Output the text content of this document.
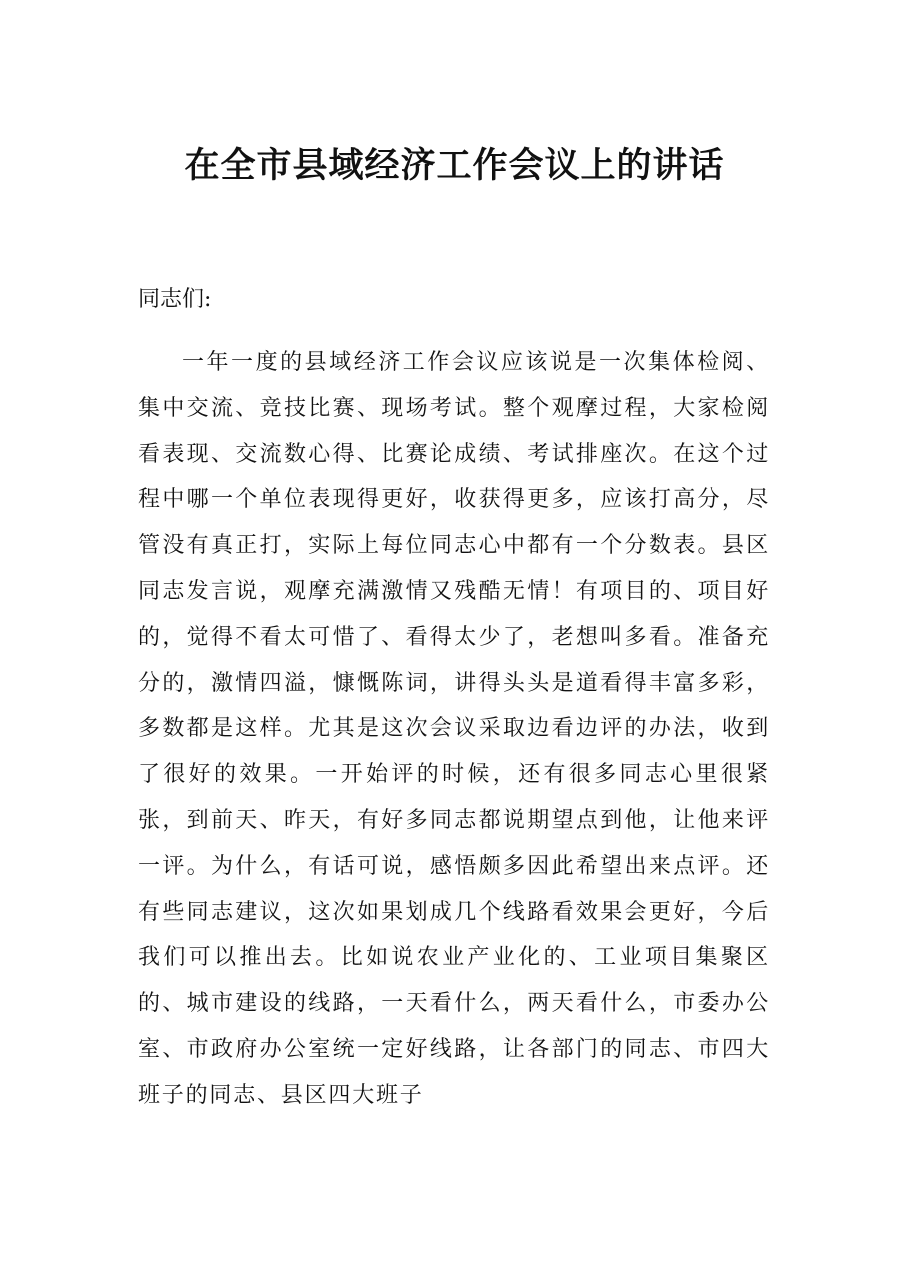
在全市县域经济工作会议上的讲话

同志们:

一年一度的县域经济工作会议应该说是一次集体检阅、集中交流、竞技比赛、现场考试。整个观摩过程，大家检阅看表现、交流数心得、比赛论成绩、考试排座次。在这个过程中哪一个单位表现得更好，收获得更多，应该打高分，尽管没有真正打，实际上每位同志心中都有一个分数表。县区同志发言说，观摩充满激情又残酷无情！有项目的、项目好的，觉得不看太可惜了、看得太少了，老想叫多看。准备充分的，激情四溢，慷慨陈词，讲得头头是道看得丰富多彩，多数都是这样。尤其是这次会议采取边看边评的办法，收到了很好的效果。一开始评的时候，还有很多同志心里很紧张，到前天、昨天，有好多同志都说期望点到他，让他来评一评。为什么，有话可说，感悟颇多因此希望出来点评。还有些同志建议，这次如果划成几个线路看效果会更好，今后我们可以推出去。比如说农业产业化的、工业项目集聚区的、城市建设的线路，一天看什么，两天看什么，市委办公室、市政府办公室统一定好线路，让各部门的同志、市四大班子的同志、县区四大班子
